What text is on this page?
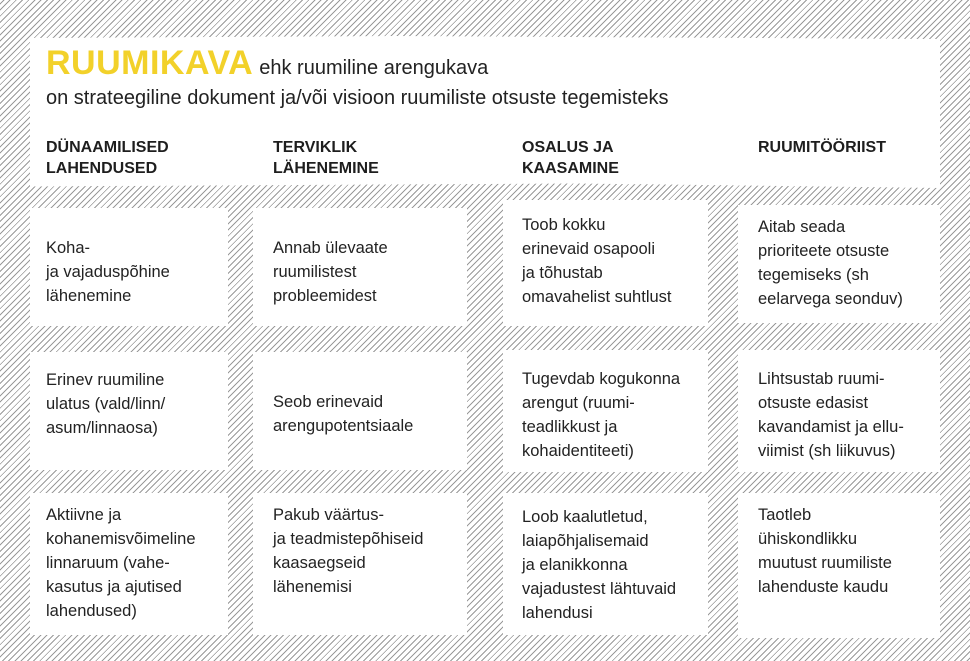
RUUMIKAVA ehk ruumiline arengukava
on strateegiline dokument ja/või visioon ruumiliste otsuste tegemisteks
DÜNAAMILISED
LAHENDUSED
TERVIKLIK
LÄHENEMINE
OSALUS JA
KAASAMINE
RUUMITÖÖRIIST
Koha-
ja vajaduspõhine
lähenemine
Erinev ruumiline
ulatus (vald/linn/
asum/linnaosa)
Aktiivne ja
kohanemisvõimeline
linnaruum (vahe-
kasutus ja ajutised
lahendused)
Annab ülevaate
ruumilistest
probleemidest
Seob erinevaid
arengupotentsiaale
Pakub väärtus-
ja teadmistepõhiseid
kaasaegseid
lähenemisi
Toob kokku
erinevaid osapooli
ja tõhustab
omavahelist suhtlust
Tugevdab kogukonna
arengut (ruumi-
teadlikkust ja
kohaidentiteeti)
Loob kaalutletud,
laiapõhjalisemaid
ja elanikkonna
vajadustest lähtuvaid
lahendusi
Aitab seada
prioriteete otsuste
tegemiseks (sh
eelarvega seonduv)
Lihtsustab ruumi-
otsuste edasist
kavandamist ja ellu-
viimist (sh liikuvus)
Taotleb
ühiskondlikku
muutust ruumiliste
lahenduste kaudu
